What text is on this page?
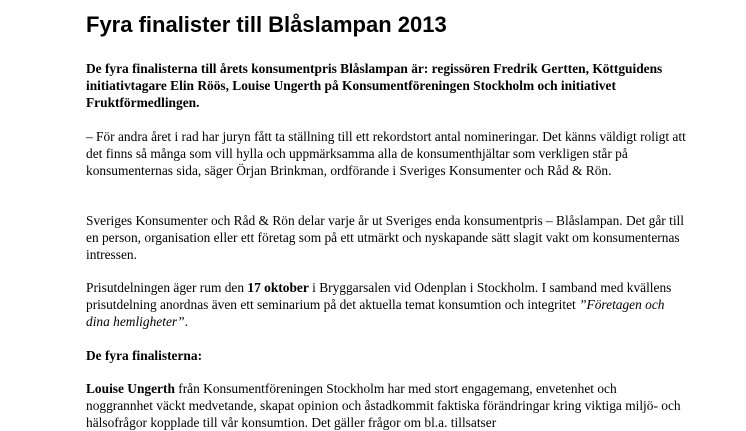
Fyra finalister till Blåslampan 2013

De fyra finalisterna till årets konsumentpris Blåslampan är: regissören Fredrik Gertten, Köttguidens initiativtagare Elin Röös, Louise Ungerth på Konsumentföreningen Stockholm och initiativet Fruktförmedlingen.

– För andra året i rad har juryn fått ta ställning till ett rekordstort antal nomineringar. Det känns väldigt roligt att det finns så många som vill hylla och uppmärksamma alla de konsumenthjältar som verkligen står på konsumenternas sida, säger Örjan Brinkman, ordförande i Sveriges Konsumenter och Råd & Rön.

Sveriges Konsumenter och Råd & Rön delar varje år ut Sveriges enda konsumentpris – Blåslampan. Det går till en person, organisation eller ett företag som på ett utmärkt och nyskapande sätt slagit vakt om konsumenternas intressen.

Prisutdelningen äger rum den 17 oktober i Bryggarsalen vid Odenplan i Stockholm. I samband med kvällens prisutdelning anordnas även ett seminarium på det aktuella temat konsumtion och integritet ”Företagen och dina hemligheter”.

De fyra finalisterna:

Louise Ungerth från Konsumentföreningen Stockholm har med stort engagemang, envetenhet och noggrannhet väckt medvetande, skapat opinion och åstadkommit faktiska förändringar kring viktiga miljö- och hälsofrågor kopplade till vår konsumtion. Det gäller frågor om bl.a. tillsatser
